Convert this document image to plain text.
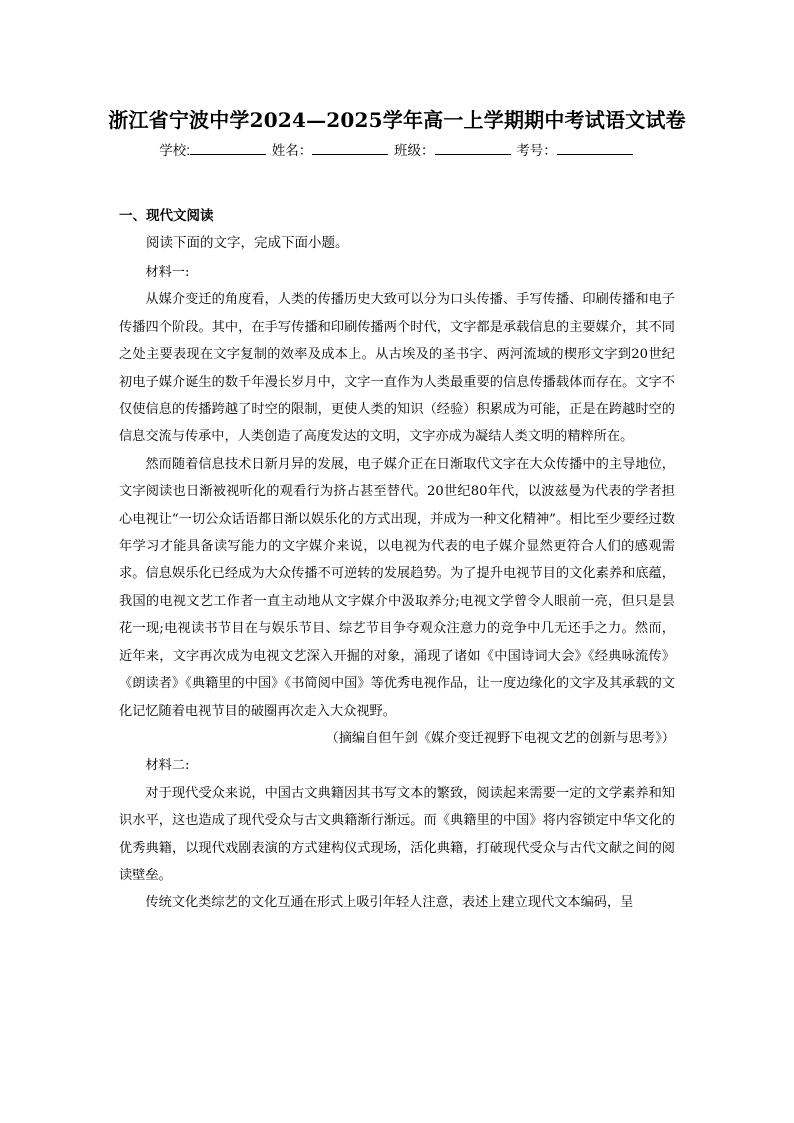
浙江省宁波中学2024—2025学年高一上学期期中考试语文试卷
学校:	姓名：	班级：	考号：
一、现代文阅读
阅读下面的文字，完成下面小题。

材料一:

从媒介变迁的角度看，人类的传播历史大致可以分为口头传播、手写传播、印刷传播和电子传播四个阶段。其中，在手写传播和印刷传播两个时代，文字都是承载信息的主要媒介，其不同之处主要表现在文字复制的效率及成本上。从古埃及的圣书字、两河流域的楔形文字到20世纪初电子媒介诞生的数千年漫长岁月中，文字一直作为人类最重要的信息传播载体而存在。文字不仅使信息的传播跨越了时空的限制，更使人类的知识（经验）积累成为可能，正是在跨越时空的信息交流与传承中，人类创造了高度发达的文明，文字亦成为凝结人类文明的精粹所在。

然而随着信息技术日新月异的发展，电子媒介正在日渐取代文字在大众传播中的主导地位，文字阅读也日渐被视听化的观看行为挤占甚至替代。20世纪80年代，以波兹曼为代表的学者担心电视让“一切公众话语都日渐以娱乐化的方式出现，并成为一种文化精神”。相比至少要经过数年学习才能具备读写能力的文字媒介来说，以电视为代表的电子媒介显然更符合人们的感观需求。信息娱乐化已经成为大众传播不可逆转的发展趋势。为了提升电视节目的文化素养和底蕴，我国的电视文艺工作者一直主动地从文字媒介中汲取养分;电视文学曾令人眼前一亮，但只是昙花一现;电视读书节目在与娱乐节目、综艺节目争夺观众注意力的竞争中几无还手之力。然而，近年来，文字再次成为电视文艺深入开掘的对象，涌现了诸如《中国诗词大会》《经典咏流传》《朗读者》《典籍里的中国》《书简阅中国》等优秀电视作品，让一度边缘化的文字及其承载的文化记忆随着电视节目的破圈再次走入大众视野。

（摘编自但午剑《媒介变迁视野下电视文艺的创新与思考》）

材料二:

对于现代受众来说，中国古文典籍因其书写文本的繁致，阅读起来需要一定的文学素养和知识水平，这也造成了现代受众与古文典籍渐行渐远。而《典籍里的中国》将内容锁定中华文化的优秀典籍，以现代戏剧表演的方式建构仪式现场，活化典籍，打破现代受众与古代文献之间的阅读壁垒。

传统文化类综艺的文化互通在形式上吸引年轻人注意，表述上建立现代文本编码，呈
